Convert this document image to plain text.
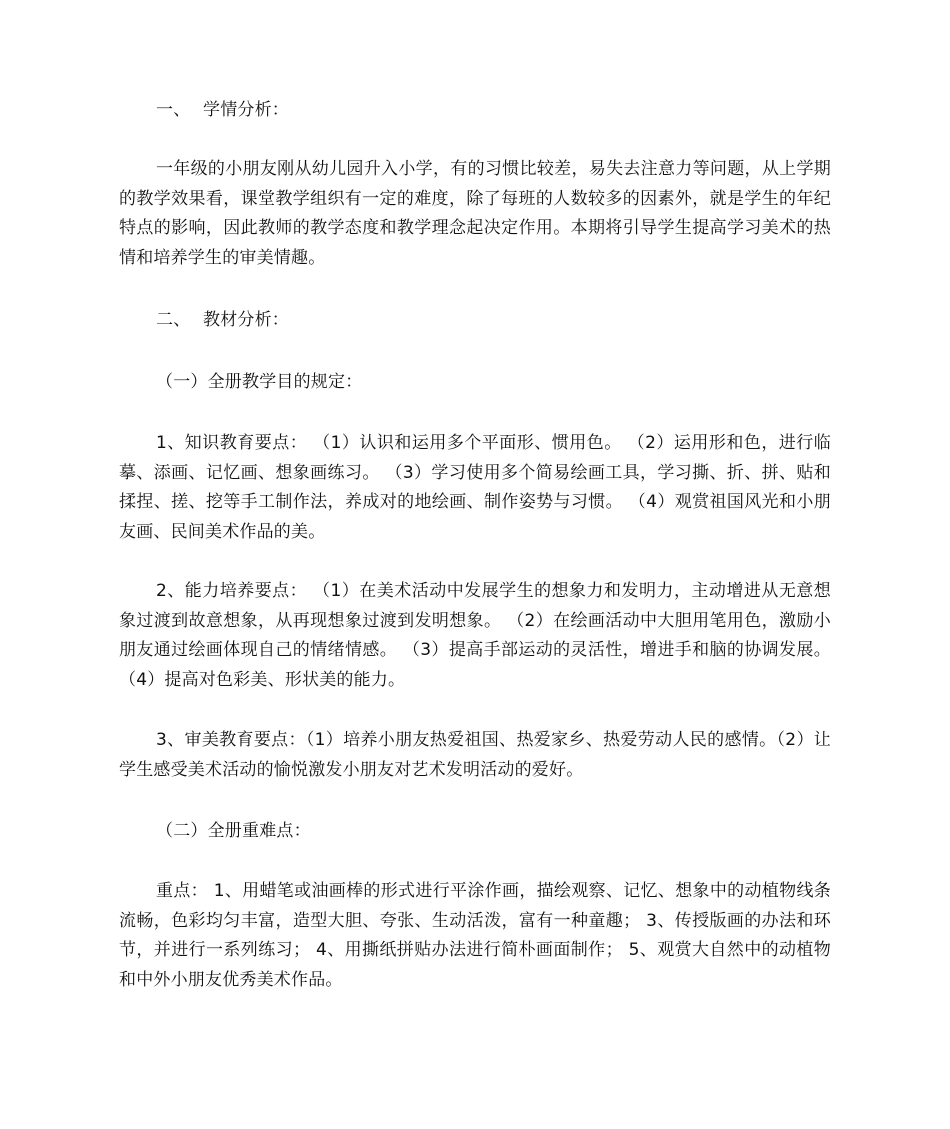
一、 学情分析：

一年级的小朋友刚从幼儿园升入小学，有的习惯比较差，易失去注意力等问题，从上学期的教学效果看，课堂教学组织有一定的难度，除了每班的人数较多的因素外，就是学生的年纪特点的影响，因此教师的教学态度和教学理念起决定作用。本期将引导学生提高学习美术的热情和培养学生的审美情趣。

二、 教材分析：

（一）全册教学目的规定：

1、知识教育要点： （1）认识和运用多个平面形、惯用色。 （2）运用形和色，进行临摹、添画、记忆画、想象画练习。 （3）学习使用多个简易绘画工具，学习撕、折、拼、贴和揉捏、搓、挖等手工制作法，养成对的地绘画、制作姿势与习惯。 （4）观赏祖国风光和小朋友画、民间美术作品的美。

2、能力培养要点： （1）在美术活动中发展学生的想象力和发明力，主动增进从无意想象过渡到故意想象，从再现想象过渡到发明想象。 （2）在绘画活动中大胆用笔用色，激励小朋友通过绘画体现自己的情绪情感。 （3）提高手部运动的灵活性，增进手和脑的协调发展。 （4）提高对色彩美、形状美的能力。

3、审美教育要点：（1）培养小朋友热爱祖国、热爱家乡、热爱劳动人民的感情。（2）让学生感受美术活动的愉悦激发小朋友对艺术发明活动的爱好。

（二）全册重难点：

重点： 1、用蜡笔或油画棒的形式进行平涂作画，描绘观察、记忆、想象中的动植物线条流畅，色彩均匀丰富，造型大胆、夸张、生动活泼，富有一种童趣； 3、传授版画的办法和环节，并进行一系列练习； 4、用撕纸拼贴办法进行简朴画面制作； 5、观赏大自然中的动植物和中外小朋友优秀美术作品。
